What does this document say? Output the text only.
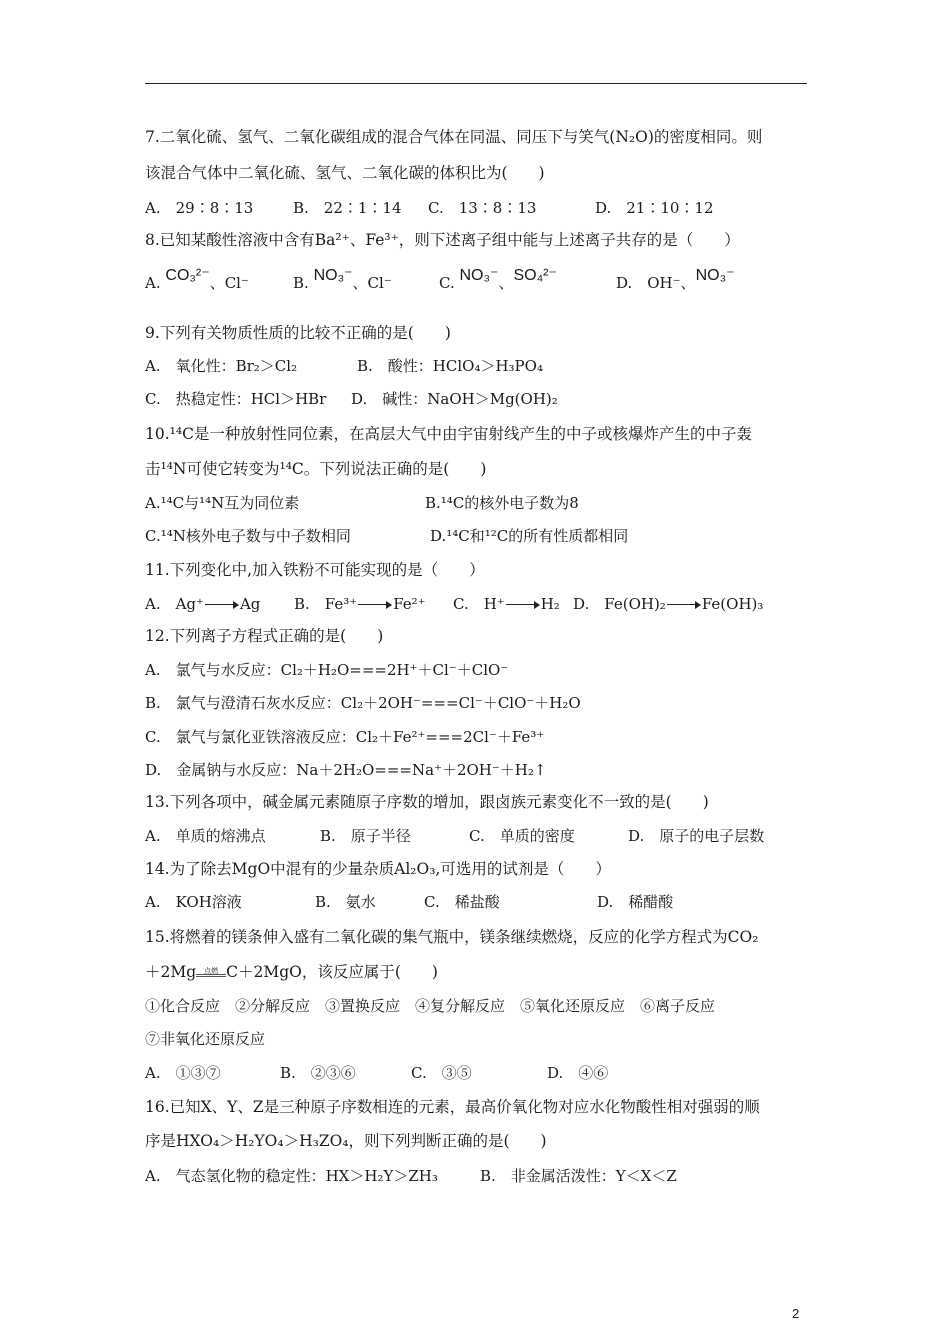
7.二氧化硫、氢气、二氧化碳组成的混合气体在同温、同压下与笑气(N₂O)的密度相同。则
该混合气体中二氧化硫、氢气、二氧化碳的体积比为(　　)
A.　29∶8∶13	B.　22∶1∶14 C.　13∶8∶13	D.　21∶10∶12
8.已知某酸性溶液中含有Ba²⁺、Fe³⁺，则下述离子组中能与上述离子共存的是（　　）
A. CO₃²⁻、Cl⁻	B. NO₃⁻、Cl⁻	C. NO₃⁻、SO₄²⁻	D.　OH⁻、NO₃⁻
9.下列有关物质性质的比较不正确的是(　　)
A.　氧化性：Br₂＞Cl₂	B.　酸性：HClO₄＞H₃PO₄
C.　热稳定性：HCl＞HBr D.　碱性：NaOH＞Mg(OH)₂
10.¹⁴C是一种放射性同位素，在高层大气中由宇宙射线产生的中子或核爆炸产生的中子轰
击¹⁴N可使它转变为¹⁴C。下列说法正确的是(　　)
A.¹⁴C与¹⁴N互为同位素	B.¹⁴C的核外电子数为8
C.¹⁴N核外电子数与中子数相同	D.¹⁴C和¹²C的所有性质都相同
11.下列变化中,加入铁粉不可能实现的是（　　）
A.　Ag⁺ Ag B.　Fe³⁺ Fe²⁺ C.　H⁺ H₂ D.　Fe(OH)₂ Fe(OH)₃
12.下列离子方程式正确的是(　　)
A.　氯气与水反应：Cl₂＋H₂O===2H⁺＋Cl⁻＋ClO⁻
B.　氯气与澄清石灰水反应：Cl₂＋2OH⁻===Cl⁻＋ClO⁻＋H₂O
C.　氯气与氯化亚铁溶液反应：Cl₂＋Fe²⁺===2Cl⁻＋Fe³⁺
D.　金属钠与水反应：Na＋2H₂O===Na⁺＋2OH⁻＋H₂↑
13.下列各项中，碱金属元素随原子序数的增加，跟卤族元素变化不一致的是(　　)
A.　单质的熔沸点	B.　原子半径	C.　单质的密度	D.　原子的电子层数
14.为了除去MgO中混有的少量杂质Al₂O₃,可选用的试剂是（　　）
A.　KOH溶液	B.　氨水	C.　稀盐酸	D.　稀醋酸
15.将燃着的镁条伸入盛有二氧化碳的集气瓶中，镁条继续燃烧，反应的化学方程式为CO₂
＋2Mg	点燃 C＋2MgO，该反应属于(　　)
①化合反应　②分解反应　③置换反应　④复分解反应　⑤氧化还原反应　⑥离子反应
⑦非氧化还原反应
A.　①③⑦	B.　②③⑥	C.　③⑤	D.　④⑥
16.已知X、Y、Z是三种原子序数相连的元素，最高价氧化物对应水化物酸性相对强弱的顺
序是HXO₄＞H₂YO₄＞H₃ZO₄，则下列判断正确的是(　　)
A.　气态氢化物的稳定性：HX＞H₂Y＞ZH₃	B.　非金属活泼性：Y＜X＜Z
2
